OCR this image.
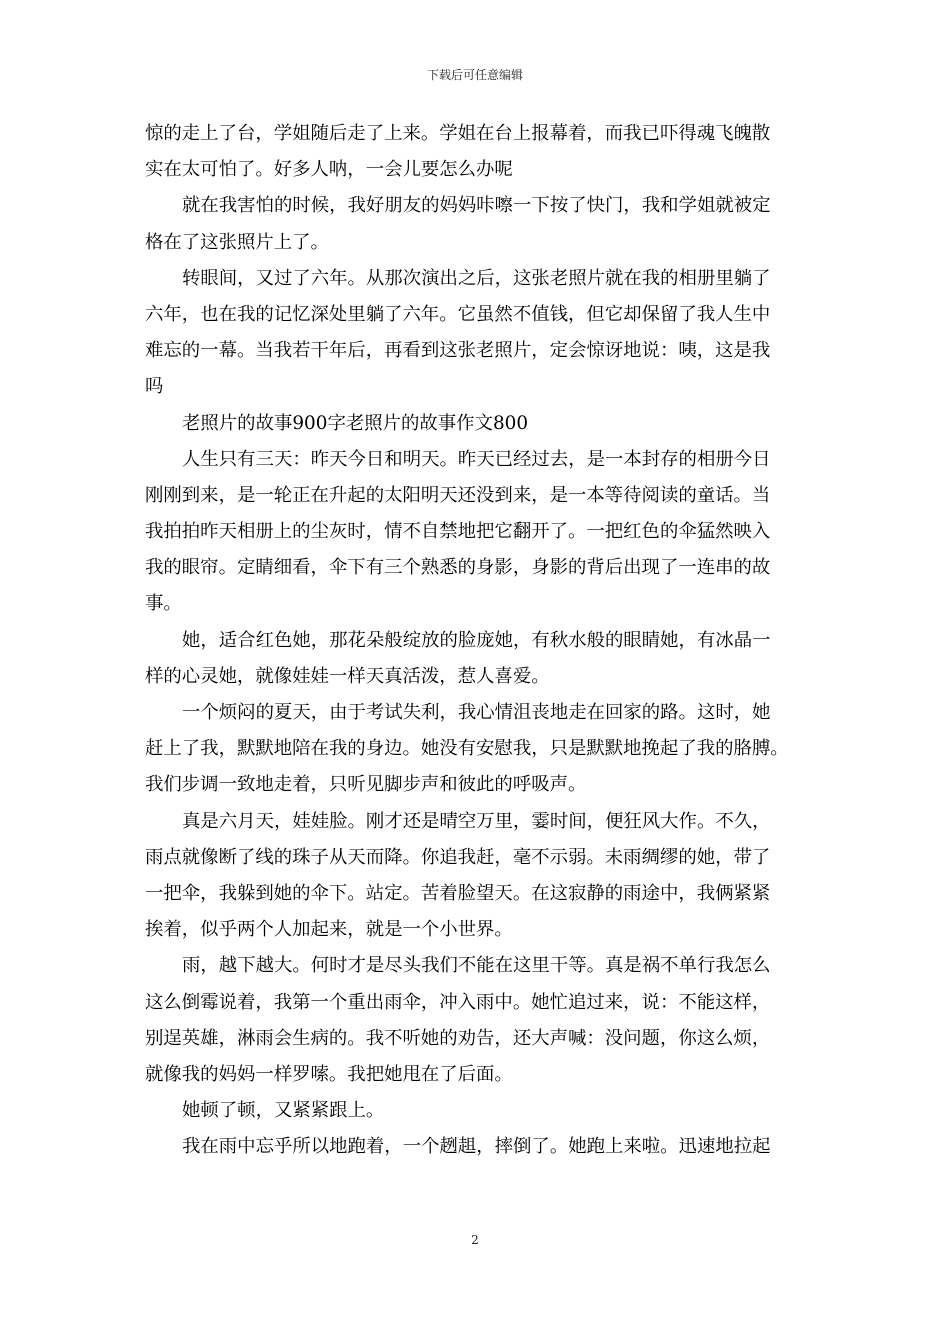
下载后可任意编辑
惊的走上了台，学姐随后走了上来。学姐在台上报幕着，而我已吓得魂飞魄散
实在太可怕了。好多人呐，一会儿要怎么办呢
就在我害怕的时候，我好朋友的妈妈咔嚓一下按了快门，我和学姐就被定
格在了这张照片上了。
转眼间，又过了六年。从那次演出之后，这张老照片就在我的相册里躺了
六年，也在我的记忆深处里躺了六年。它虽然不值钱，但它却保留了我人生中
难忘的一幕。当我若干年后，再看到这张老照片，定会惊讶地说：咦，这是我
吗
老照片的故事900字老照片的故事作文800
人生只有三天：昨天今日和明天。昨天已经过去，是一本封存的相册今日
刚刚到来，是一轮正在升起的太阳明天还没到来，是一本等待阅读的童话。当
我拍拍昨天相册上的尘灰时，情不自禁地把它翻开了。一把红色的伞猛然映入
我的眼帘。定睛细看，伞下有三个熟悉的身影，身影的背后出现了一连串的故
事。
她，适合红色她，那花朵般绽放的脸庞她，有秋水般的眼睛她，有冰晶一
样的心灵她，就像娃娃一样天真活泼，惹人喜爱。
一个烦闷的夏天，由于考试失利，我心情沮丧地走在回家的路。这时，她
赶上了我，默默地陪在我的身边。她没有安慰我，只是默默地挽起了我的胳膊。
我们步调一致地走着，只听见脚步声和彼此的呼吸声。
真是六月天，娃娃脸。刚才还是晴空万里，霎时间，便狂风大作。不久，
雨点就像断了线的珠子从天而降。你追我赶，毫不示弱。未雨绸缪的她，带了
一把伞，我躲到她的伞下。站定。苦着脸望天。在这寂静的雨途中，我俩紧紧
挨着，似乎两个人加起来，就是一个小世界。
雨，越下越大。何时才是尽头我们不能在这里干等。真是祸不单行我怎么
这么倒霉说着，我第一个重出雨伞，冲入雨中。她忙追过来，说：不能这样，
别逞英雄，淋雨会生病的。我不听她的劝告，还大声喊：没问题，你这么烦，
就像我的妈妈一样罗嗦。我把她甩在了后面。
她顿了顿，又紧紧跟上。
我在雨中忘乎所以地跑着，一个趔趄，摔倒了。她跑上来啦。迅速地拉起
2
